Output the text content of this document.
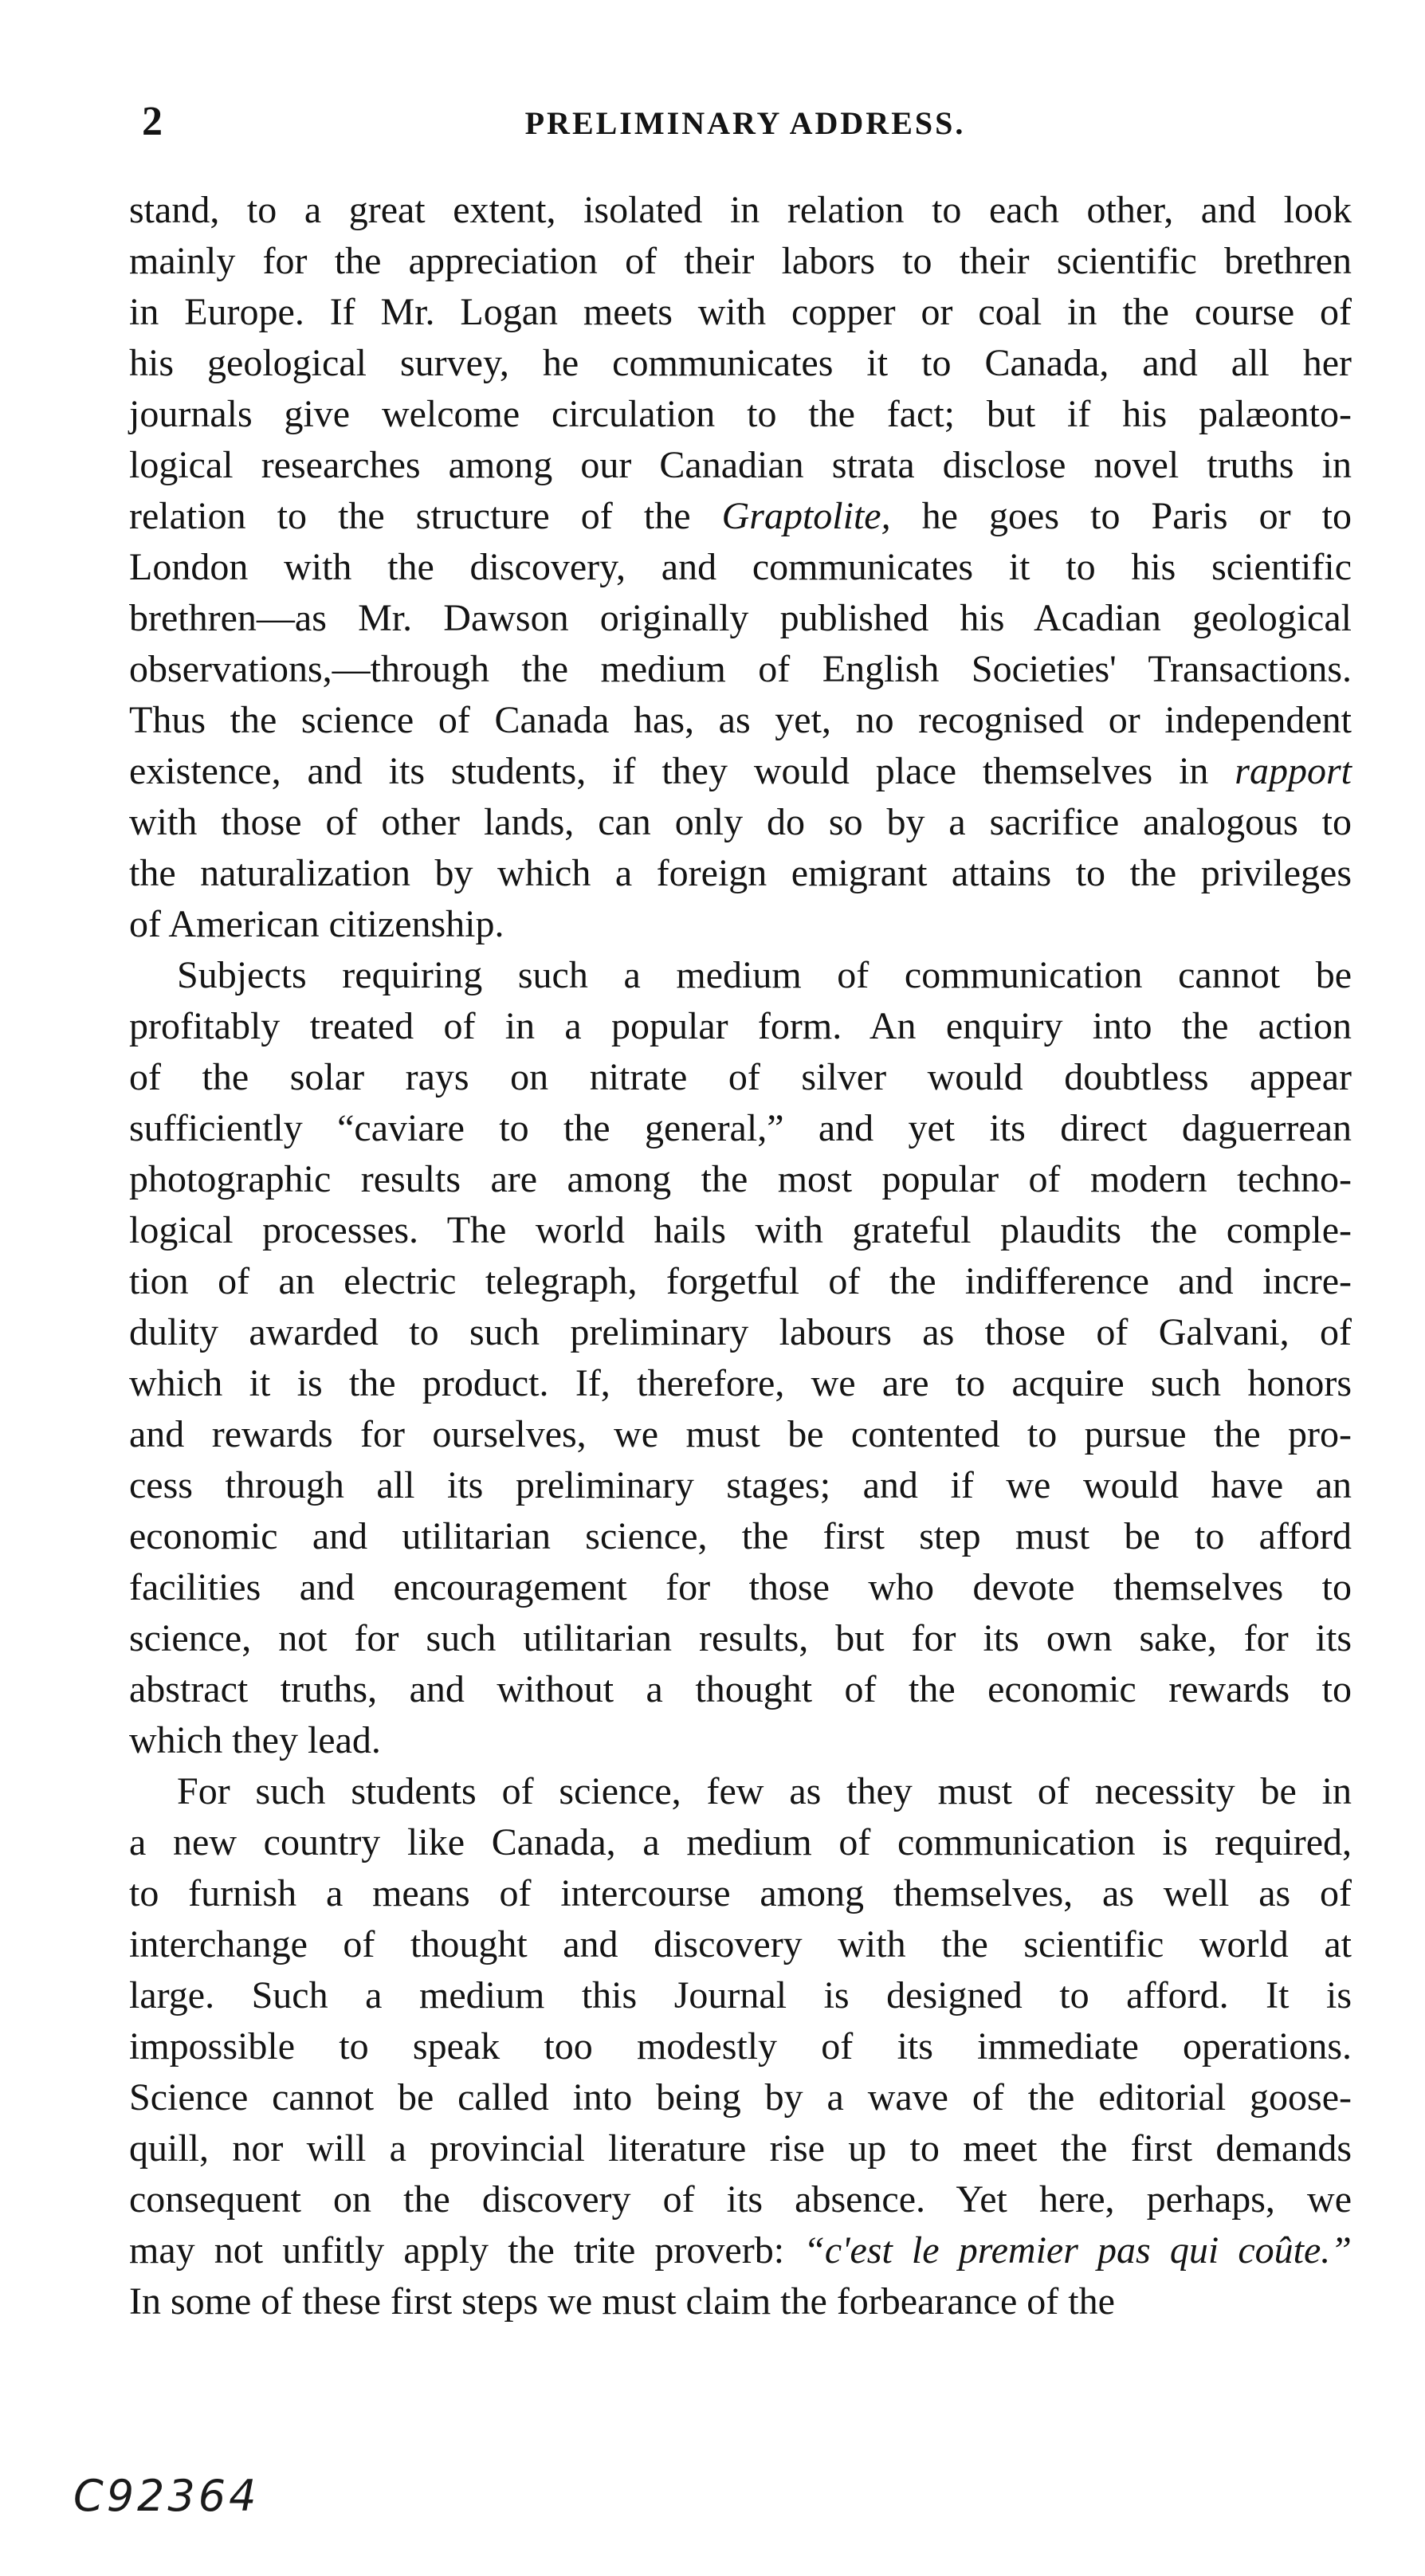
2	PRELIMINARY ADDRESS.
stand, to a great extent, isolated in relation to each other, and look
mainly for the appreciation of their labors to their scientific brethren
in Europe. If Mr. Logan meets with copper or coal in the course of
his geological survey, he communicates it to Canada, and all her
journals give welcome circulation to the fact; but if his palæonto-
logical researches among our Canadian strata disclose novel truths in
relation to the structure of the Graptolite, he goes to Paris or to
London with the discovery, and communicates it to his scientific
brethren—as Mr. Dawson originally published his Acadian geological
observations,—through the medium of English Societies' Transactions.
Thus the science of Canada has, as yet, no recognised or independent
existence, and its students, if they would place themselves in rapport
with those of other lands, can only do so by a sacrifice analogous to
the naturalization by which a foreign emigrant attains to the privileges
of American citizenship.
Subjects requiring such a medium of communication cannot be
profitably treated of in a popular form. An enquiry into the action
of the solar rays on nitrate of silver would doubtless appear
sufficiently “caviare to the general,” and yet its direct daguerrean
photographic results are among the most popular of modern techno-
logical processes. The world hails with grateful plaudits the comple-
tion of an electric telegraph, forgetful of the indifference and incre-
dulity awarded to such preliminary labours as those of Galvani, of
which it is the product. If, therefore, we are to acquire such honors
and rewards for ourselves, we must be contented to pursue the pro-
cess through all its preliminary stages; and if we would have an
economic and utilitarian science, the first step must be to afford
facilities and encouragement for those who devote themselves to
science, not for such utilitarian results, but for its own sake, for its
abstract truths, and without a thought of the economic rewards to
which they lead.
For such students of science, few as they must of necessity be in
a new country like Canada, a medium of communication is required,
to furnish a means of intercourse among themselves, as well as of
interchange of thought and discovery with the scientific world at
large. Such a medium this Journal is designed to afford. It is
impossible to speak too modestly of its immediate operations.
Science cannot be called into being by a wave of the editorial goose-
quill, nor will a provincial literature rise up to meet the first demands
consequent on the discovery of its absence. Yet here, perhaps, we
may not unfitly apply the trite proverb: “c'est le premier pas qui coûte.”
In some of these first steps we must claim the forbearance of the
C92364
